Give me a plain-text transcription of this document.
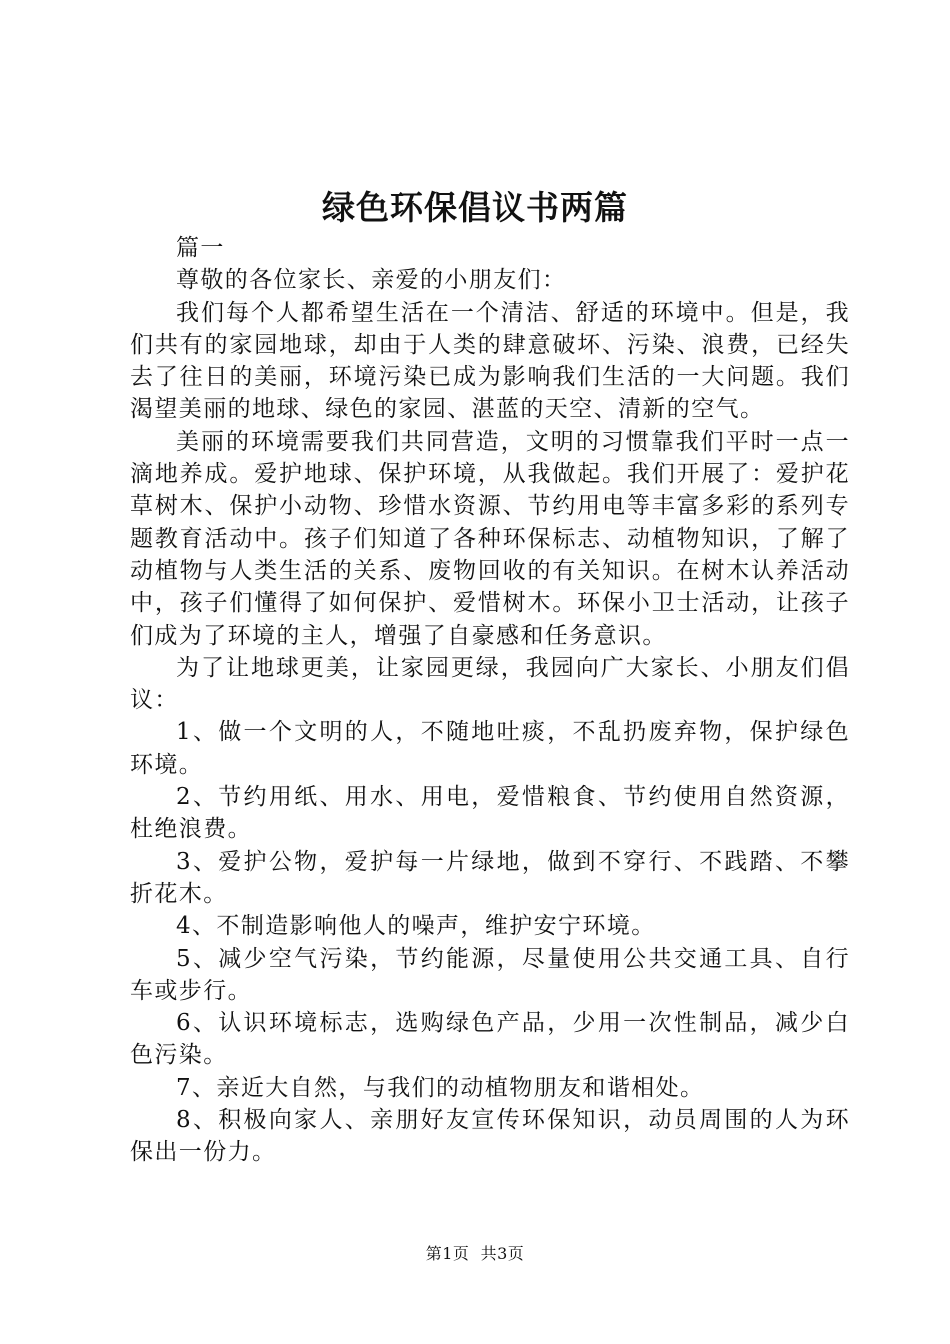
绿色环保倡议书两篇

篇一

尊敬的各位家长、亲爱的小朋友们：

我们每个人都希望生活在一个清洁、舒适的环境中。但是，我们共有的家园地球，却由于人类的肆意破坏、污染、浪费，已经失去了往日的美丽，环境污染已成为影响我们生活的一大问题。我们渴望美丽的地球、绿色的家园、湛蓝的天空、清新的空气。

美丽的环境需要我们共同营造，文明的习惯靠我们平时一点一滴地养成。爱护地球、保护环境，从我做起。我们开展了：爱护花草树木、保护小动物、珍惜水资源、节约用电等丰富多彩的系列专题教育活动中。孩子们知道了各种环保标志、动植物知识，了解了动植物与人类生活的关系、废物回收的有关知识。在树木认养活动中，孩子们懂得了如何保护、爱惜树木。环保小卫士活动，让孩子们成为了环境的主人，增强了自豪感和任务意识。

为了让地球更美，让家园更绿，我园向广大家长、小朋友们倡议：

1、做一个文明的人，不随地吐痰，不乱扔废弃物，保护绿色环境。

2、节约用纸、用水、用电，爱惜粮食、节约使用自然资源，杜绝浪费。

3、爱护公物，爱护每一片绿地，做到不穿行、不践踏、不攀折花木。

4、不制造影响他人的噪声，维护安宁环境。

5、减少空气污染，节约能源，尽量使用公共交通工具、自行车或步行。

6、认识环境标志，选购绿色产品，少用一次性制品，减少白色污染。

7、亲近大自然，与我们的动植物朋友和谐相处。

8、积极向家人、亲朋好友宣传环保知识，动员周围的人为环保出一份力。

第1页 共3页
